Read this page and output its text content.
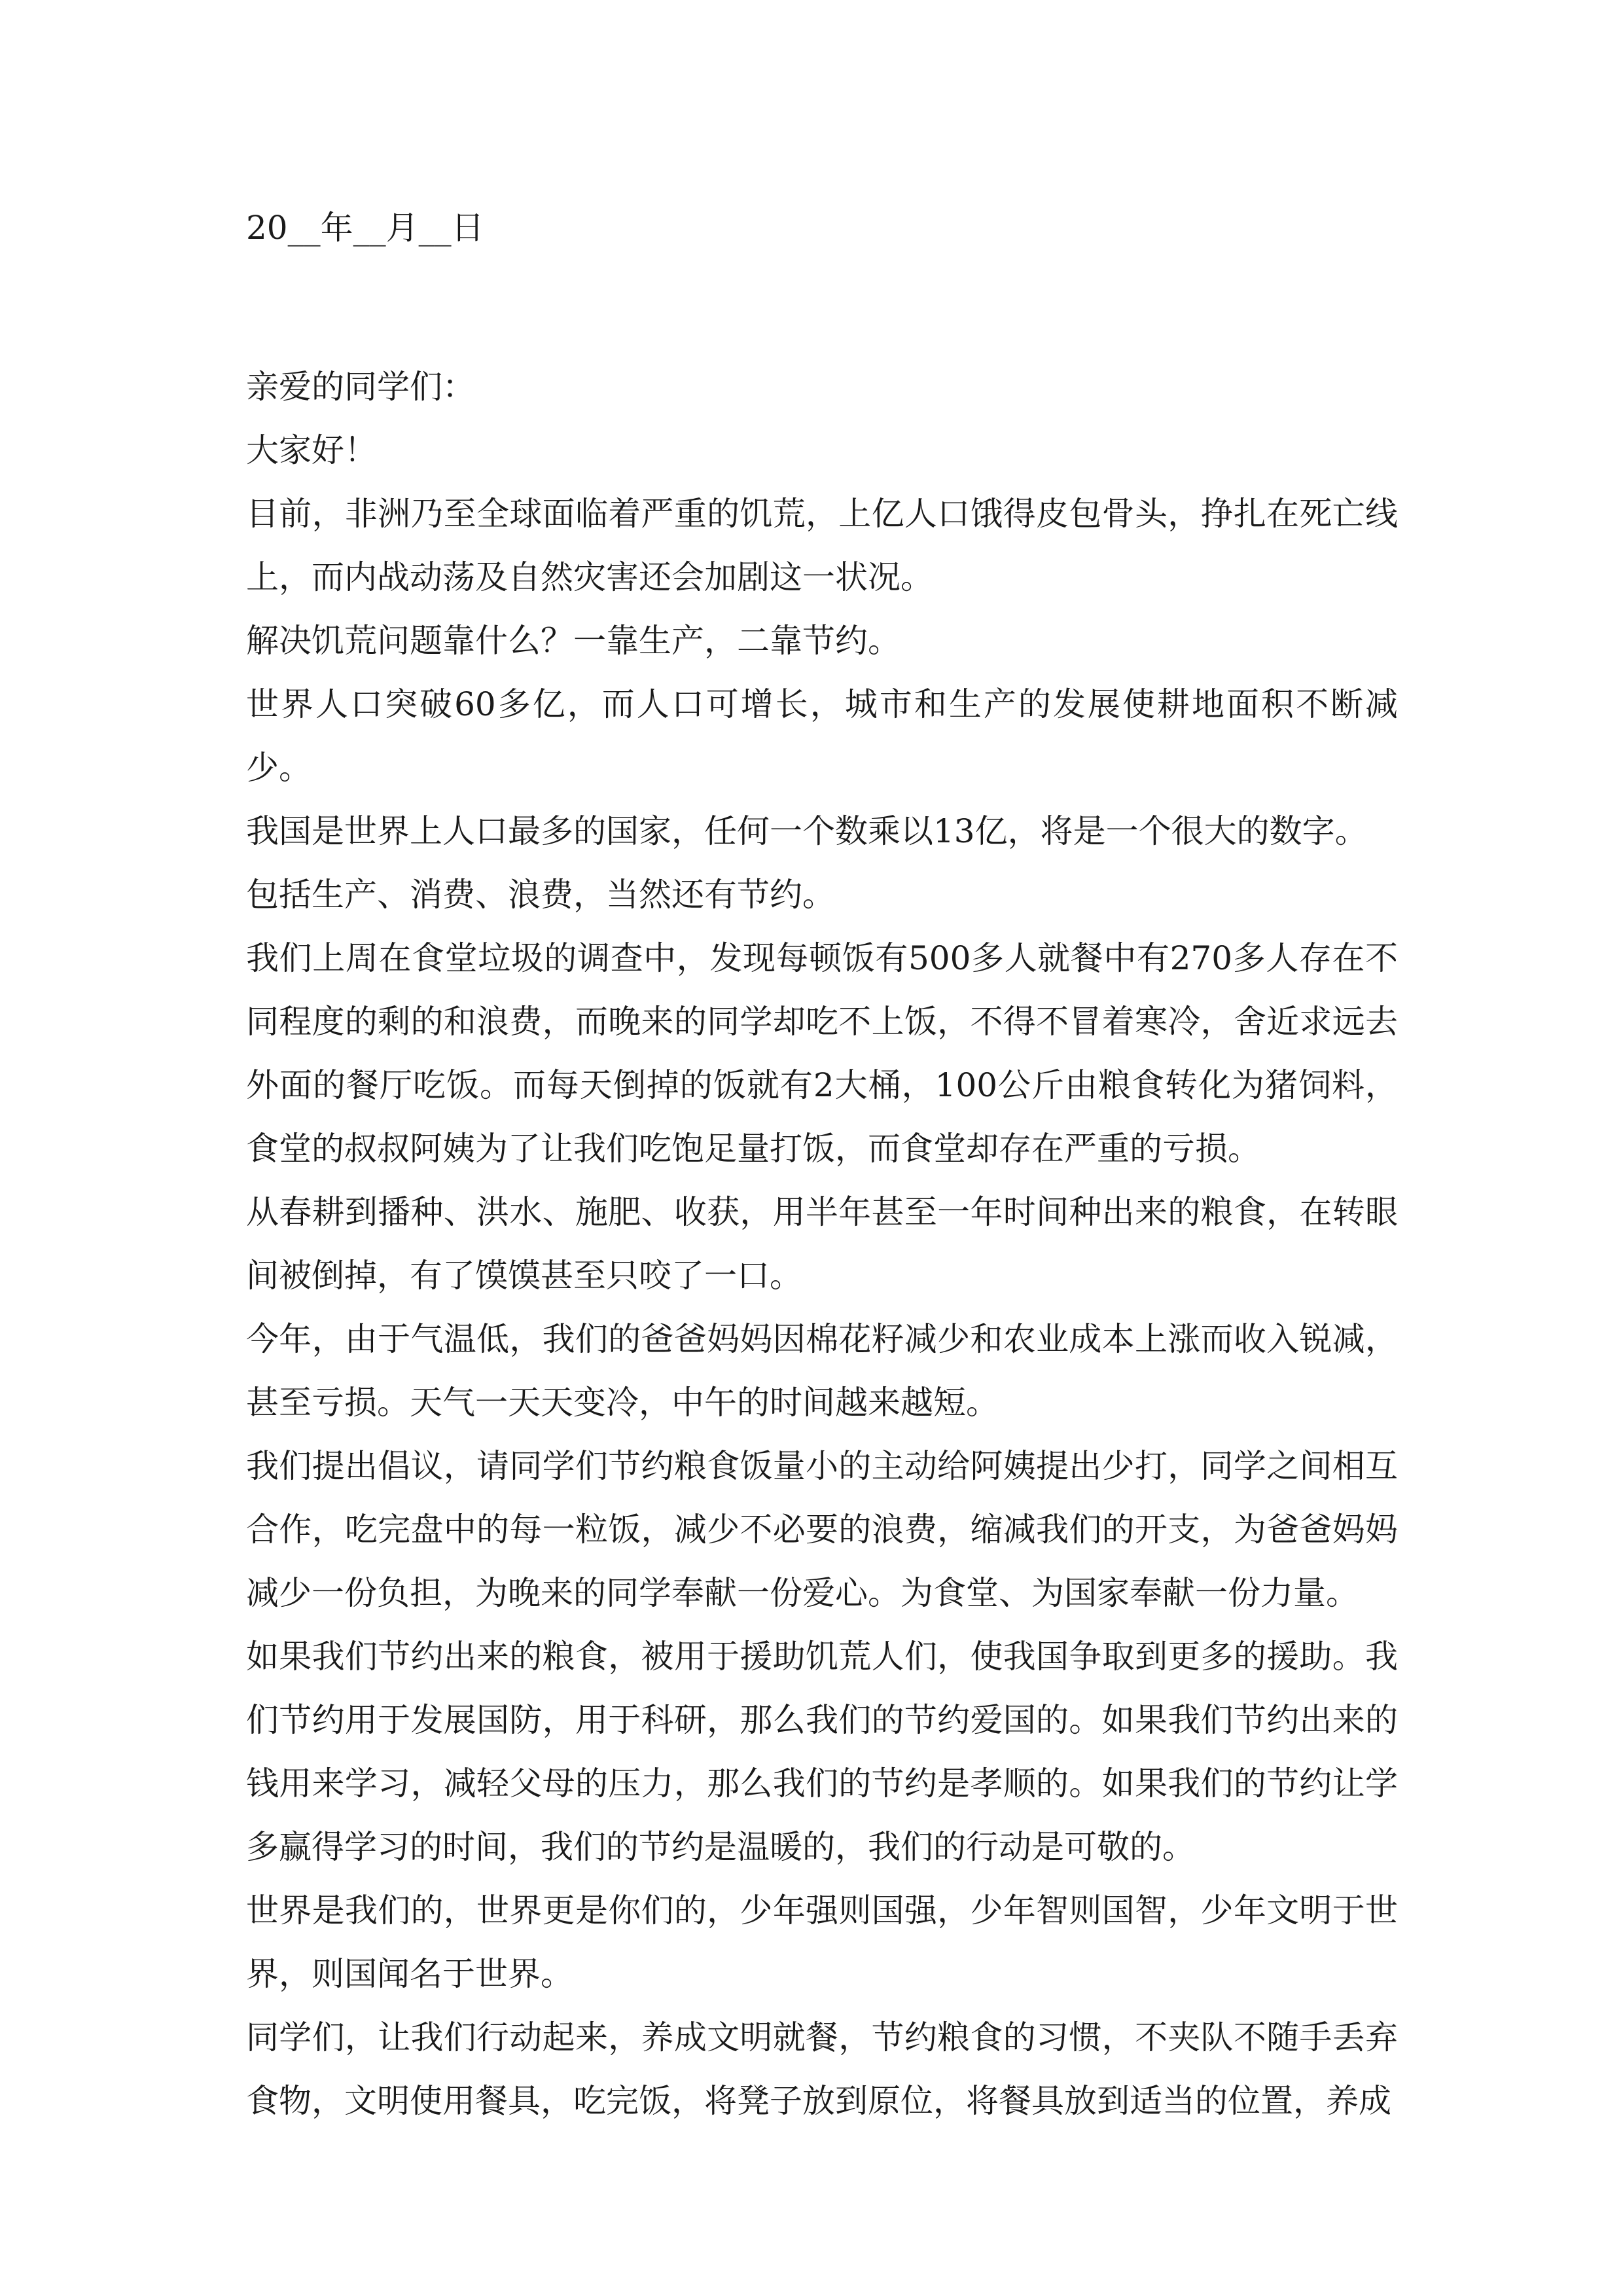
20__年__月__日

亲爱的同学们：

大家好！

目前，非洲乃至全球面临着严重的饥荒，上亿人口饿得皮包骨头，挣扎在死亡线上，而内战动荡及自然灾害还会加剧这一状况。

解决饥荒问题靠什么？一靠生产，二靠节约。

世界人口突破60多亿，而人口可增长，城市和生产的发展使耕地面积不断减少。

我国是世界上人口最多的国家，任何一个数乘以13亿，将是一个很大的数字。

包括生产、消费、浪费，当然还有节约。

我们上周在食堂垃圾的调查中，发现每顿饭有500多人就餐中有270多人存在不同程度的剩的和浪费，而晚来的同学却吃不上饭，不得不冒着寒冷，舍近求远去外面的餐厅吃饭。而每天倒掉的饭就有2大桶，100公斤由粮食转化为猪饲料，食堂的叔叔阿姨为了让我们吃饱足量打饭，而食堂却存在严重的亏损。

从春耕到播种、洪水、施肥、收获，用半年甚至一年时间种出来的粮食，在转眼间被倒掉，有了馍馍甚至只咬了一口。

今年，由于气温低，我们的爸爸妈妈因棉花籽减少和农业成本上涨而收入锐减，甚至亏损。天气一天天变冷，中午的时间越来越短。

我们提出倡议，请同学们节约粮食饭量小的主动给阿姨提出少打，同学之间相互合作，吃完盘中的每一粒饭，减少不必要的浪费，缩减我们的开支，为爸爸妈妈减少一份负担，为晚来的同学奉献一份爱心。为食堂、为国家奉献一份力量。

如果我们节约出来的粮食，被用于援助饥荒人们，使我国争取到更多的援助。我们节约用于发展国防，用于科研，那么我们的节约爱国的。如果我们节约出来的钱用来学习，减轻父母的压力，那么我们的节约是孝顺的。如果我们的节约让学多赢得学习的时间，我们的节约是温暖的，我们的行动是可敬的。

世界是我们的，世界更是你们的，少年强则国强，少年智则国智，少年文明于世界，则国闻名于世界。

同学们，让我们行动起来，养成文明就餐，节约粮食的习惯，不夹队不随手丢弃食物，文明使用餐具，吃完饭，将凳子放到原位，将餐具放到适当的位置，养成
